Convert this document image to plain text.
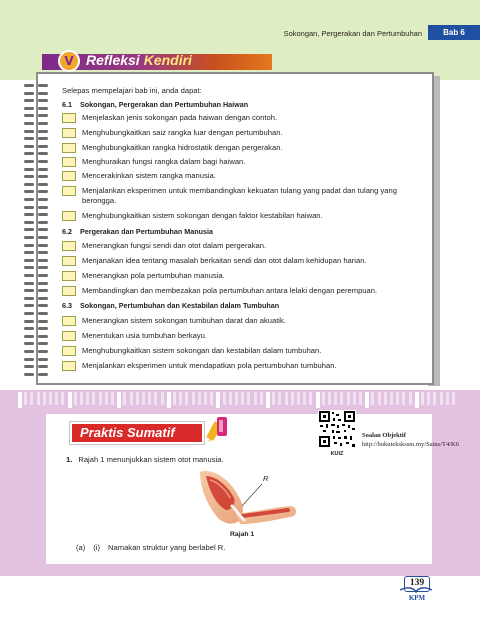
Sokongan, Pergerakan dan Pertumbuhan	Bab 6
V Refleksi Kendiri
Selepas mempelajari bab ini, anda dapat:
6.1 Sokongan, Pergerakan dan Pertumbuhan Haiwan
Menjelaskan jenis sokongan pada haiwan dengan contoh.
Menghubungkaitkan saiz rangka luar dengan pertumbuhan.
Menghubungkaitkan rangka hidrostatik dengan pergerakan.
Menghuraikan fungsi rangka dalam bagi haiwan.
Mencerakinkan sistem rangka manusia.
Menjalankan eksperimen untuk membandingkan kekuatan tulang yang padat dan tulang yang berongga.
Menghubungkaitkan sistem sokongan dengan faktor kestabilan haiwan.
6.2 Pergerakan dan Pertumbuhan Manusia
Menerangkan fungsi sendi dan otot dalam pergerakan.
Menjanakan idea tentang masalah berkaitan sendi dan otot dalam kehidupan harian.
Menerangkan pola pertumbuhan manusia.
Membandingkan dan membezakan pola pertumbuhan antara lelaki dengan perempuan.
6.3 Sokongan, Pertumbuhan dan Kestabilan dalam Tumbuhan
Menerangkan sistem sokongan tumbuhan darat dan akuatik.
Menentukan usia tumbuhan berkayu.
Menghubungkaitkan sistem sokongan dan kestabilan dalam tumbuhan.
Menjalankan eksperimen untuk mendapatkan pola pertumbuhan tumbuhan.
Praktis Sumatif
KUIZ
Soalan Objektif
http://bukutekskssm.my/Sains/T4/K6
1. Rajah 1 menunjukkan sistem otot manusia.
R
Rajah 1
(a) (i) Namakan struktur yang berlabel R.
139
KPM
